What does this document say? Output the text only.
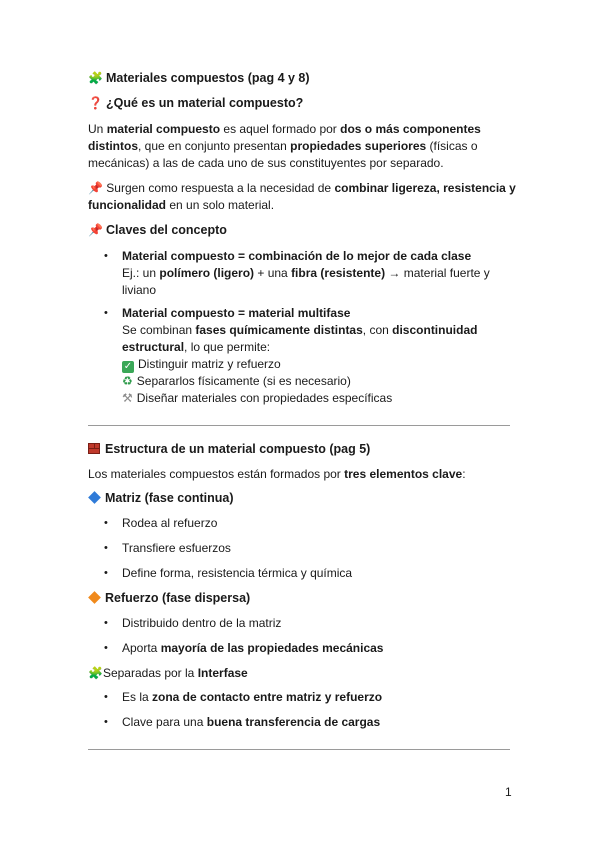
🧩 Materiales compuestos (pag 4 y 8)
❓ ¿Qué es un material compuesto?
Un material compuesto es aquel formado por dos o más componentes distintos, que en conjunto presentan propiedades superiores (físicas o mecánicas) a las de cada uno de sus constituyentes por separado.
📌 Surgen como respuesta a la necesidad de combinar ligereza, resistencia y funcionalidad en un solo material.
📌 Claves del concepto
• Material compuesto = combinación de lo mejor de cada clase
Ej.: un polímero (ligero) + una fibra (resistente) → material fuerte y liviano
• Material compuesto = material multifase
Se combinan fases químicamente distintas, con discontinuidad estructural, lo que permite:
✓ Distinguir matriz y refuerzo
♻ Separarlos físicamente (si es necesario)
⚒ Diseñar materiales con propiedades específicas
Estructura de un material compuesto (pag 5)
Los materiales compuestos están formados por tres elementos clave:
Matriz (fase continua)
• Rodea al refuerzo
• Transfiere esfuerzos
• Define forma, resistencia térmica y química
Refuerzo (fase dispersa)
• Distribuido dentro de la matriz
• Aporta mayoría de las propiedades mecánicas
🧩Separadas por la Interfase
• Es la zona de contacto entre matriz y refuerzo
• Clave para una buena transferencia de cargas
1
